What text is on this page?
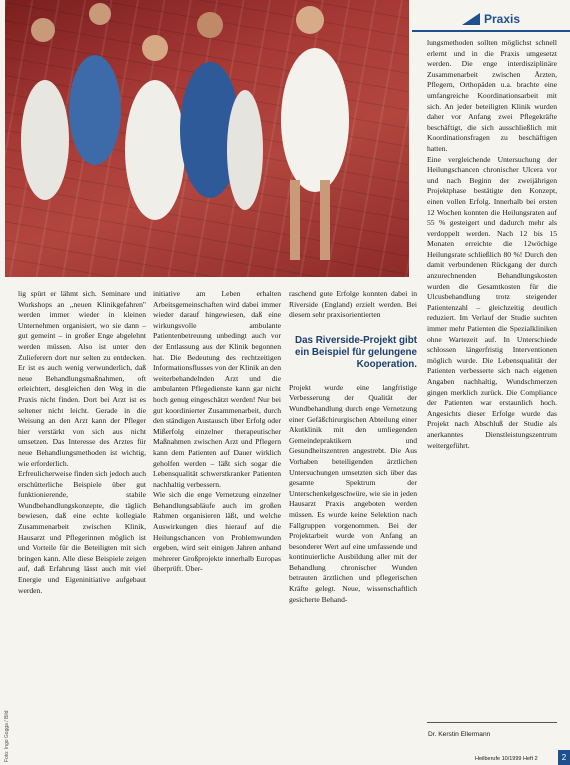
Foto: Ingo Gogga / Bild
Praxis

lig spürt er lähmt sich. Seminare und Workshops an ,,neuen Klinikgefahren" werden immer wieder in kleinen Unternehmen organisiert, wo sie dann – gut gemeint – in großer Enge abgelehnt werden müssen. Also ist unter den Zulieferern dort nur selten zu entdecken. Er ist es auch wenig verwunderlich, daß neue Behandlungsmaßnahmen, oft erleichtert, desgleichen den Weg in die Praxis nicht finden. Dort bei Arzt ist es seltener nicht leicht. Gerade in die Weisung an den Arzt kann der Pfleger hier verstärkt von sich aus nicht umsetzen. Das Interesse des Arztes für neue Behandlungsmethoden ist wichtig, wie erforderlich.
Erfreulicherweise finden sich jedoch auch erschütterliche Beispiele über gut funktionierende, stabile Wundbehandlungskonzepte, die täglich bewiesen, daß eine echte kollegiale Zusammenarbeit zwischen Klinik, Hausarzt und Pflegerinnen möglich ist und Vorteile für die Beteiligten mit sich bringen kann. Alle diese Beispiele zeigen auf, daß Erfahrung lässt auch mit viel Energie und Eigeninitiative aufgebaut werden.

initiative am Leben erhalten Arbeitsgemeinschaften wird dabei immer wieder darauf hingewiesen, daß eine wirkungsvolle ambulante Patientenbetreuung unbedingt auch vor der Entlassung aus der Klinik begonnen hat. Die Bedeutung des rechtzeitigen Informationsflusses von der Klinik an den weiterbehandelnden Arzt und die ambulanten Pflegedienste kann gar nicht hoch genug eingeschätzt werden! Nur bei gut koordinierter Zusammenarbeit, durch den ständigen Austausch über Erfolg oder Mißerfolg einzelner therapeutischer Maßnahmen zwischen Arzt und Pflegern kann dem Patienten auf Dauer wirklich geholfen werden – läßt sich sogar die Lebensqualität schwerstkranker Patienten nachhaltig verbessern.
Wie sich die enge Vernetzung einzelner Behandlungsabläufe auch im großen Rahmen organisieren läßt, und welche Auswirkungen dies hierauf auf die Heilungschancen von Problemwunden ergeben, wird seit einigen Jahren anhand mehrerer Großprojekte innerhalb Europas überprüft. Über-

raschend gute Erfolge konnten dabei in Riverside (England) erzielt werden. Bei diesem sehr praxisorientierten

Das Riverside-Projekt gibt ein Beispiel für gelungene Kooperation.

Projekt wurde eine langfristige Verbesserung der Qualität der Wundbehandlung durch enge Vernetzung einer Gefäßchirurgischen Abteilung einer Akutklinik mit den umliegenden Gemeindepraktikern und Gesundheitszentren angestrebt. Die Aus Vorhaben beteiligenden ärztlichen Untersuchungen umsetzten sich über das gesamte Spektrum der Unterschenkelgeschwüre, wie sie in jeden Hausarzt Praxis angeboten werden müssen. Es wurde keine Selektion nach Fallgruppen vorgenommen. Bei der Projektarbeit wurde von Anfang an besonderer Wert auf eine umfassende und kontinuierliche Ausbildung aller mit der Behandlung chronischer Wunden betrauten ärztlichen und pflegerischen Kräfte gelegt. Neue, wissenschaftlich gesicherte Behand-

lungsmethoden sollten möglichst schnell erlernt und in die Praxis umgesetzt werden. Die enge interdisziplinäre Zusammenarbeit zwischen Ärzten, Pflegern, Orthopäden u.a. brachte eine umfangreiche Koordinationsarbeit mit sich. An jeder beteiligten Klinik wurden daher vor Anfang zwei Pflegekräfte beschäftigt, die sich ausschließlich mit Koordinationsfragen zu beschäftigen hatten.
Eine vergleichende Untersuchung der Heilungschancen chronischer Ulcera vor und nach Beginn der zweijährigen Projektphase bestätigte den Konzept, einen vollen Erfolg. Innerhalb bei ersten 12 Wochen konnten die Heilungsraten auf 55 % gesteigert und dadurch mehr als verdoppelt werden. Nach 12 bis 15 Monaten erreichte die 12wöchige Heilungsrate schließlich 80 %! Durch den damit verbundenen Rückgang der durch anzurechnenden Behandlungskosten wurden die Gesamtkosten für die Ulcusbehandlung trotz steigender Patientenzahl – gleichzeitig deutlich reduziert. Im Verlauf der Studie suchten immer mehr Patienten die Spezialkliniken ohne Wartezeit auf. In Unterschiede schlossen längerfristig Interventionen möglich wurde. Die Lebensqualität der Patienten verbesserte sich nach eigenen Angaben nachhaltig, Wundschmerzen gingen merklich zurück. Die Compliance der Patienten war erstaunlich hoch. Angesichts dieser Erfolge wurde das Projekt nach Abschluß der Studie als anerkanntes Dienstleistungszentrum weitergeführt.

Dr. Kerstin Ellermann
Heilberufe 10/1999 Heft 2	2
